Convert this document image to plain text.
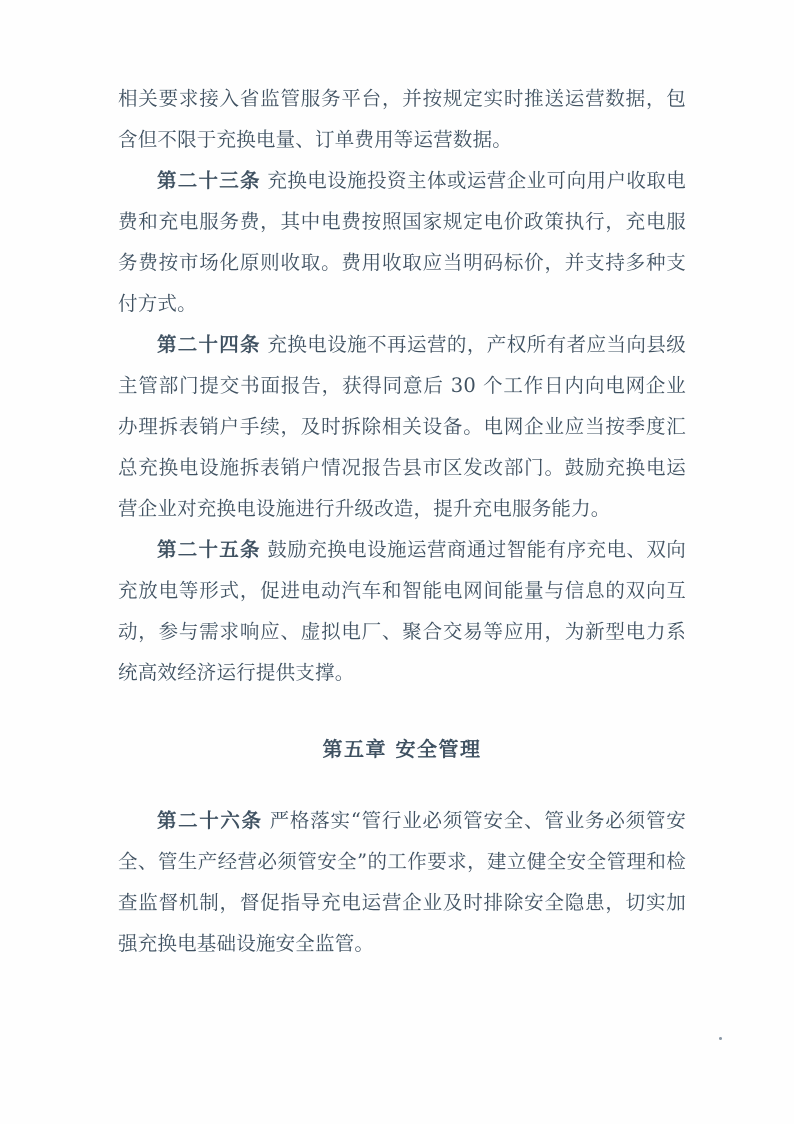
相关要求接入省监管服务平台，并按规定实时推送运营数据，包含但不限于充换电量、订单费用等运营数据。

第二十三条 充换电设施投资主体或运营企业可向用户收取电费和充电服务费，其中电费按照国家规定电价政策执行，充电服务费按市场化原则收取。费用收取应当明码标价，并支持多种支付方式。

第二十四条 充换电设施不再运营的，产权所有者应当向县级主管部门提交书面报告，获得同意后 30 个工作日内向电网企业办理拆表销户手续，及时拆除相关设备。电网企业应当按季度汇总充换电设施拆表销户情况报告县市区发改部门。鼓励充换电运营企业对充换电设施进行升级改造，提升充电服务能力。

第二十五条 鼓励充换电设施运营商通过智能有序充电、双向充放电等形式，促进电动汽车和智能电网间能量与信息的双向互动，参与需求响应、虚拟电厂、聚合交易等应用，为新型电力系统高效经济运行提供支撑。

第五章 安全管理

第二十六条 严格落实“管行业必须管安全、管业务必须管安全、管生产经营必须管安全”的工作要求，建立健全安全管理和检查监督机制，督促指导充电运营企业及时排除安全隐患，切实加强充换电基础设施安全监管。
